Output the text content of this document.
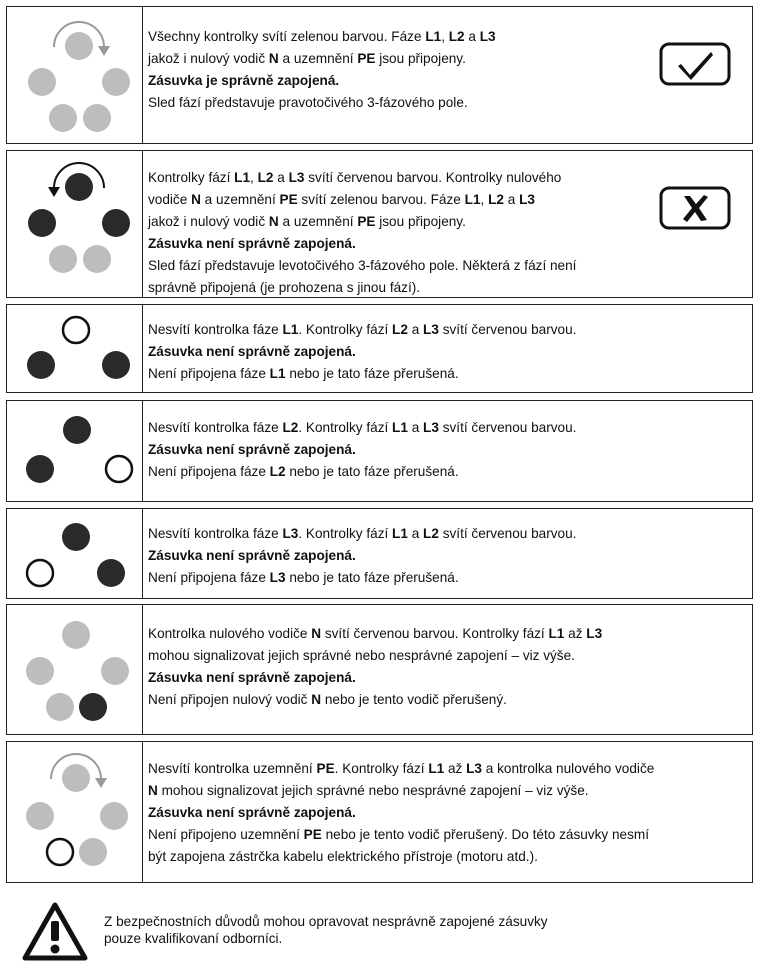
Všechny kontrolky svítí zelenou barvou. Fáze L1, L2 a L3

jakož i nulový vodič N a uzemnění PE jsou připojeny.

Zásuvka je správně zapojená.

Sled fází představuje pravotočivého 3-fázového pole.

Kontrolky fází L1, L2 a L3 svítí červenou barvou. Kontrolky nulového

vodiče N a uzemnění PE svítí zelenou barvou. Fáze L1, L2 a L3

jakož i nulový vodič N a uzemnění PE jsou připojeny.

Zásuvka není správně zapojená.

Sled fází představuje levotočivého 3-fázového pole. Některá z fází není

správně připojená (je prohozena s jinou fází).

Nesvítí kontrolka fáze L1. Kontrolky fází L2 a L3 svítí červenou barvou.

Zásuvka není správně zapojená.

Není připojena fáze L1 nebo je tato fáze přerušená.

Nesvítí kontrolka fáze L2. Kontrolky fází L1 a L3 svítí červenou barvou.

Zásuvka není správně zapojená.

Není připojena fáze L2 nebo je tato fáze přerušená.

Nesvítí kontrolka fáze L3. Kontrolky fází L1 a L2 svítí červenou barvou.

Zásuvka není správně zapojená.

Není připojena fáze L3 nebo je tato fáze přerušená.

Kontrolka nulového vodiče N svítí červenou barvou. Kontrolky fází L1 až L3

mohou signalizovat jejich správné nebo nesprávné zapojení – viz výše.

Zásuvka není správně zapojená.

Není připojen nulový vodič N nebo je tento vodič přerušený.

Nesvítí kontrolka uzemnění PE. Kontrolky fází L1 až L3 a kontrolka nulového vodiče

N mohou signalizovat jejich správné nebo nesprávné zapojení – viz výše.

Zásuvka není správně zapojená.

Není připojeno uzemnění PE nebo je tento vodič přerušený. Do této zásuvky nesmí

být zapojena zástrčka kabelu elektrického přístroje (motoru atd.).

Z bezpečnostních důvodů mohou opravovat nesprávně zapojené zásuvky

pouze kvalifikovaní odborníci.
